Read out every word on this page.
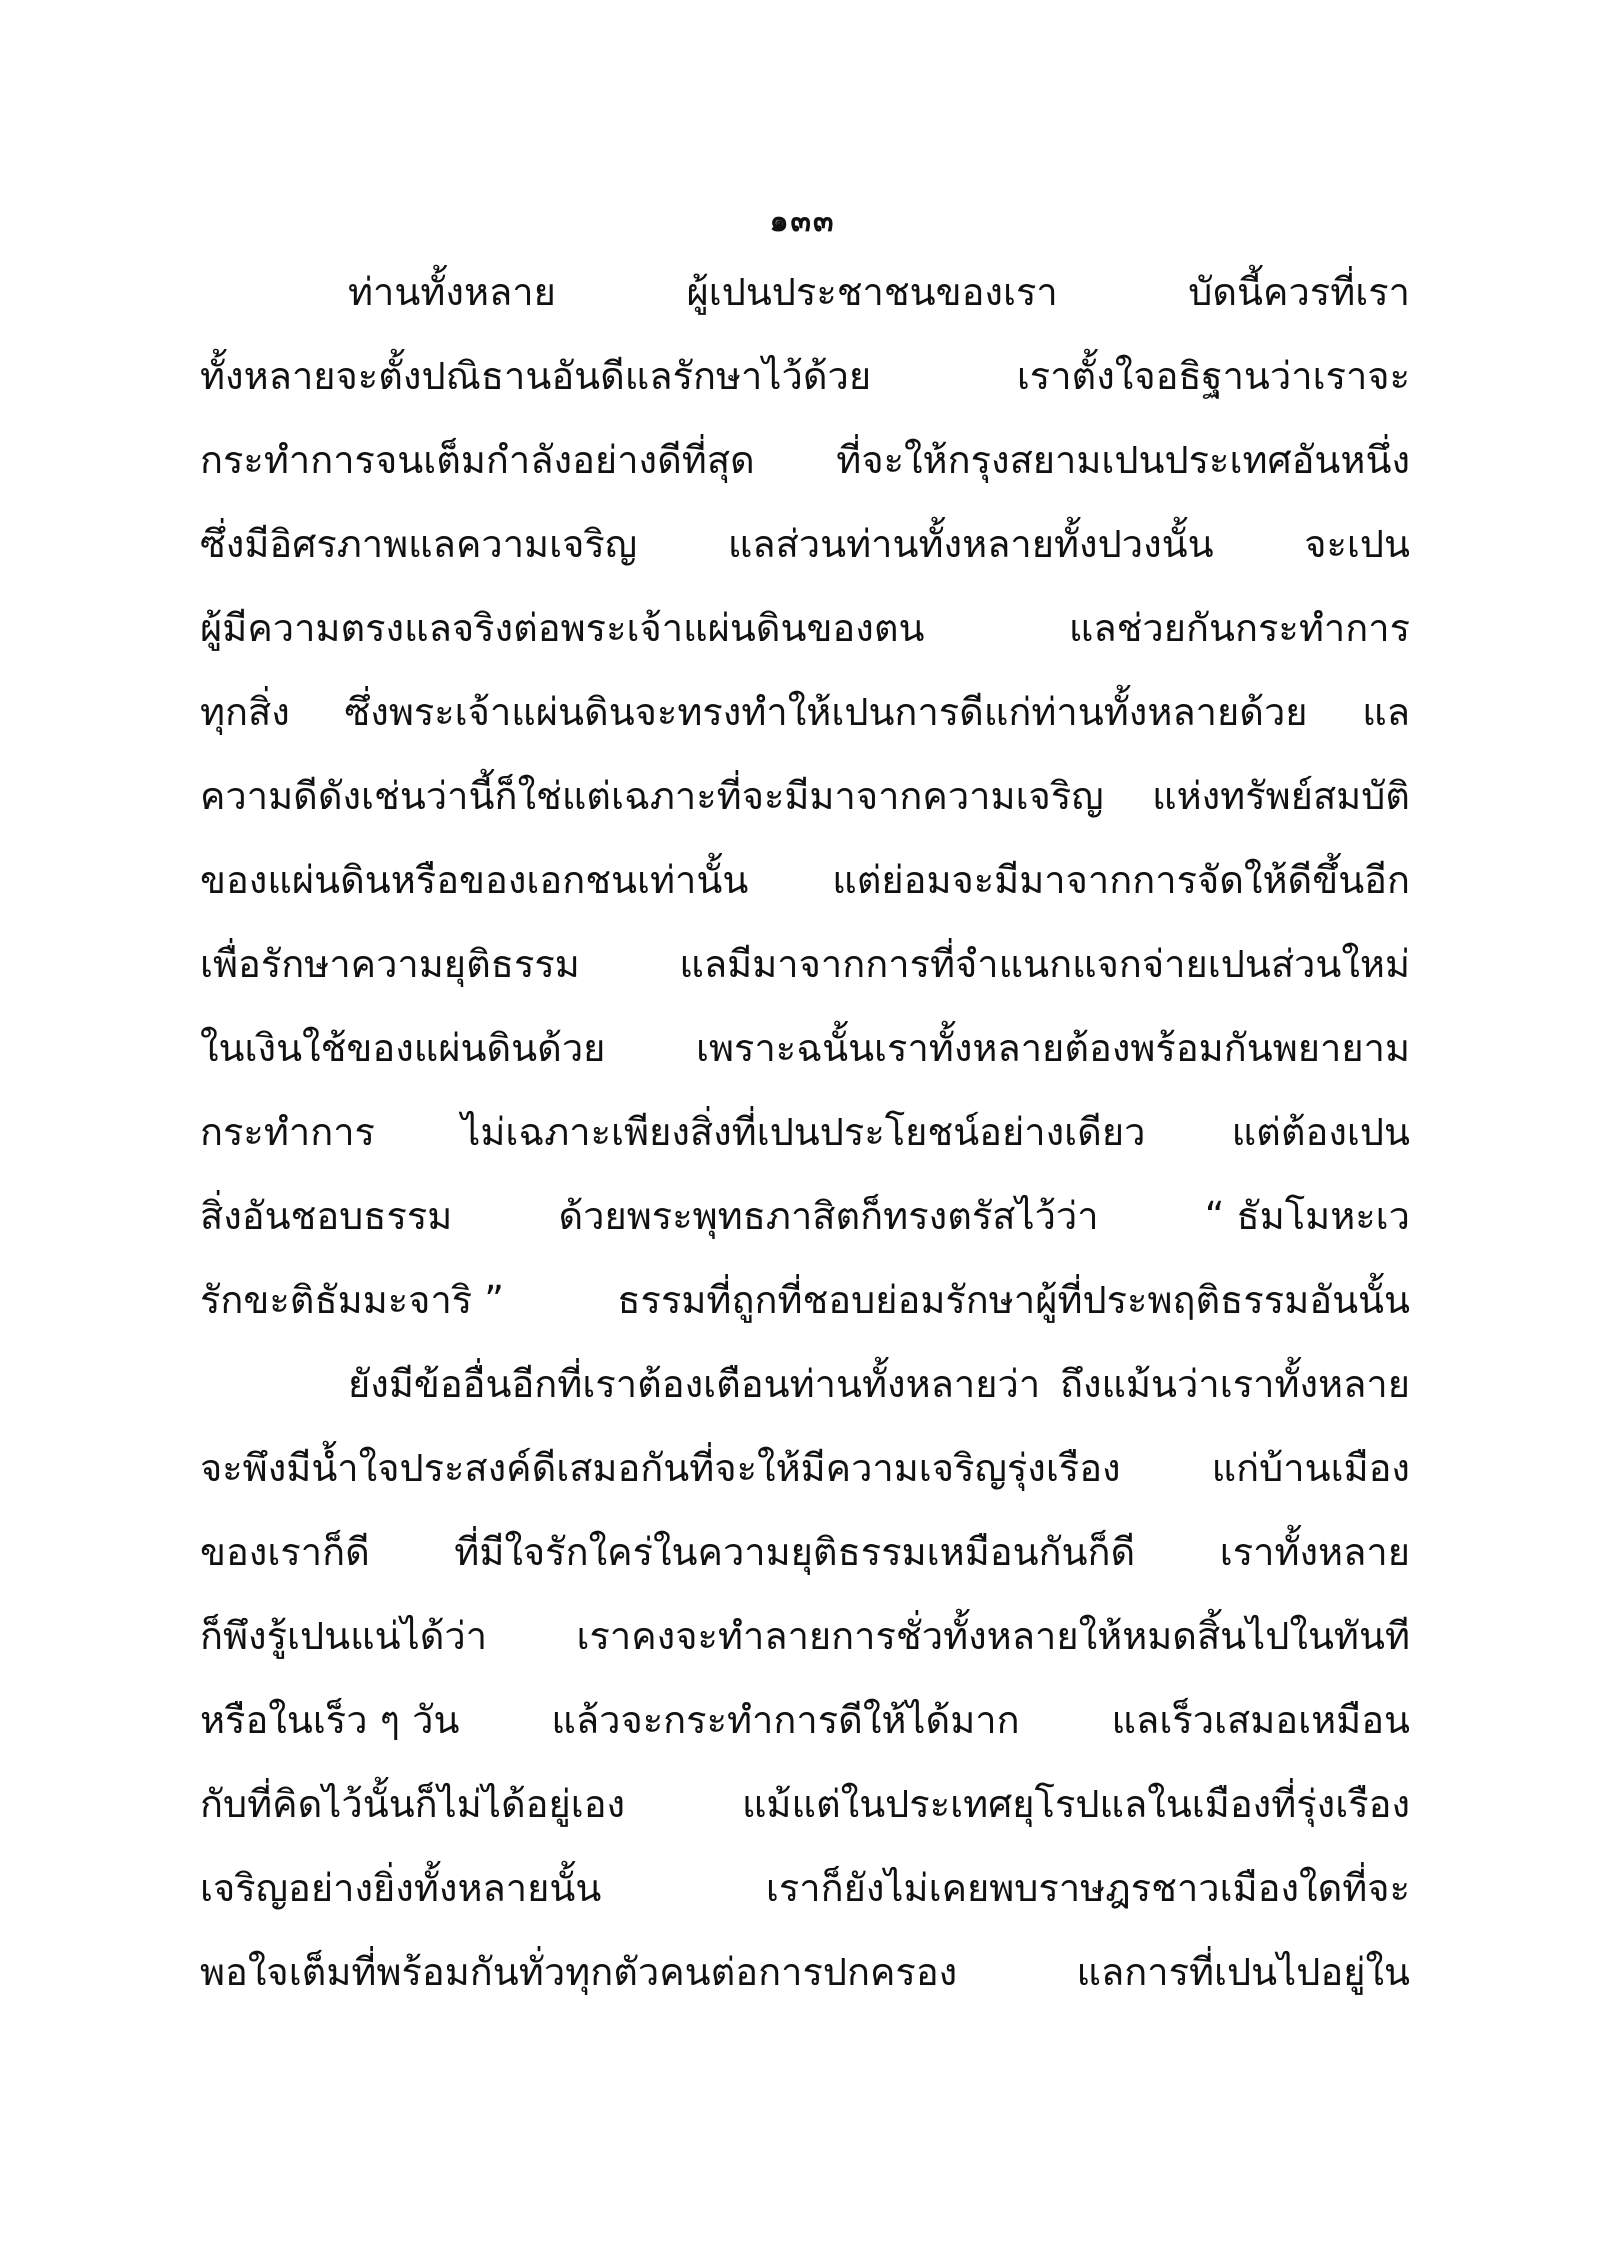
๑๓๓
ท่านทั้งหลาย	ผู้เปนประชาชนของเรา	บัดนี้ควรที่เรา
ทั้งหลายจะตั้งปณิธานอันดีแลรักษาไว้ด้วย	เราตั้งใจอธิฐานว่าเราจะ
กระทำการจนเต็มกำลังอย่างดีที่สุด ที่จะให้กรุงสยามเปนประเทศอันหนึ่ง
ซึ่งมีอิศรภาพแลความเจริญ แลส่วนท่านทั้งหลายทั้งปวงนั้น จะเปน
ผู้มีความตรงแลจริงต่อพระเจ้าแผ่นดินของตน	แลช่วยกันกระทำการ
ทุกสิ่ง ซึ่งพระเจ้าแผ่นดินจะทรงทำให้เปนการดีแก่ท่านทั้งหลายด้วย แล
ความดีดังเช่นว่านี้ก็ใช่แต่เฉภาะที่จะมีมาจากความเจริญ แห่งทรัพย์สมบัติ
ของแผ่นดินหรือของเอกชนเท่านั้น แต่ย่อมจะมีมาจากการจัดให้ดีขึ้นอีก
เพื่อรักษาความยุติธรรม	แลมีมาจากการที่จำแนกแจกจ่ายเปนส่วนใหม่
ในเงินใช้ของแผ่นดินด้วย เพราะฉนั้นเราทั้งหลายต้องพร้อมกันพยายาม
กระทำการ ไม่เฉภาะเพียงสิ่งที่เปนประโยชน์อย่างเดียว แต่ต้องเปน
สิ่งอันชอบธรรม	ด้วยพระพุทธภาสิตก็ทรงตรัสไว้ว่า	“ ธัมโมหะเว
รักขะติธัมมะจาริ ”	ธรรมที่ถูกที่ชอบย่อมรักษาผู้ที่ประพฤติธรรมอันนั้น
ยังมีข้ออื่นอีกที่เราต้องเตือนท่านทั้งหลายว่า ถึงแม้นว่าเราทั้งหลาย
จะพึงมีน้ำใจประสงค์ดีเสมอกันที่จะให้มีความเจริญรุ่งเรือง แก่บ้านเมือง
ของเราก็ดี ที่มีใจรักใคร่ในความยุติธรรมเหมือนกันก็ดี เราทั้งหลาย
ก็พึงรู้เปนแน่ได้ว่า เราคงจะทำลายการชั่วทั้งหลายให้หมดสิ้นไปในทันที
หรือในเร็ว ๆ วัน แล้วจะกระทำการดีให้ได้มาก แลเร็วเสมอเหมือน
กับที่คิดไว้นั้นก็ไม่ได้อยู่เอง	แม้แต่ในประเทศยุโรปแลในเมืองที่รุ่งเรือง
เจริญอย่างยิ่งทั้งหลายนั้น	เราก็ยังไม่เคยพบราษฎรชาวเมืองใดที่จะ
พอใจเต็มที่พร้อมกันทั่วทุกตัวคนต่อการปกครอง	แลการที่เปนไปอยู่ใน
